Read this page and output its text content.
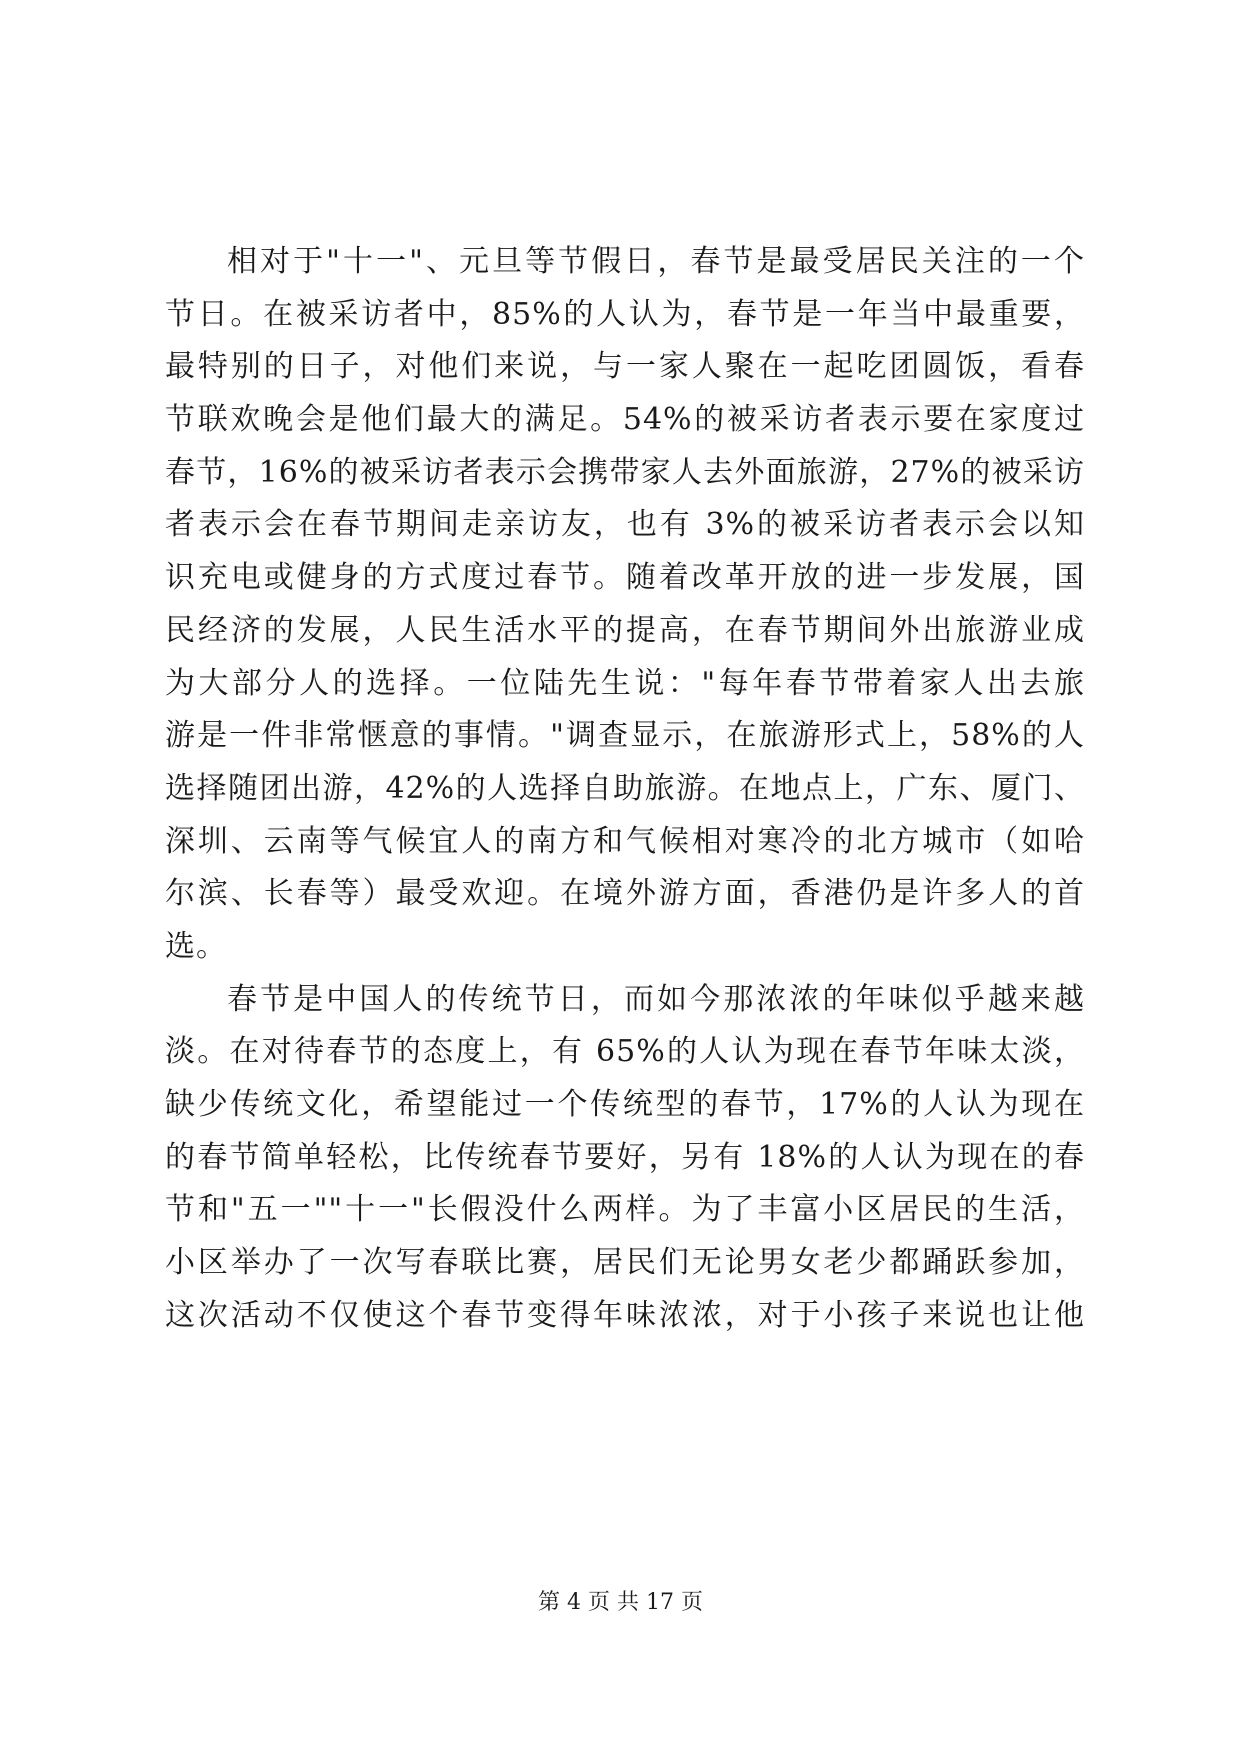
相对于"十一"、元旦等节假日，春节是最受居民关注的一个
节日。在被采访者中，85%的人认为，春节是一年当中最重要，
最特别的日子，对他们来说，与一家人聚在一起吃团圆饭，看春
节联欢晚会是他们最大的满足。54%的被采访者表示要在家度过
春节，16%的被采访者表示会携带家人去外面旅游，27%的被采访
者表示会在春节期间走亲访友，也有 3%的被采访者表示会以知
识充电或健身的方式度过春节。随着改革开放的进一步发展，国
民经济的发展，人民生活水平的提高，在春节期间外出旅游业成
为大部分人的选择。一位陆先生说："每年春节带着家人出去旅
游是一件非常惬意的事情。"调查显示，在旅游形式上，58%的人
选择随团出游，42%的人选择自助旅游。在地点上，广东、厦门、
深圳、云南等气候宜人的南方和气候相对寒冷的北方城市（如哈
尔滨、长春等）最受欢迎。在境外游方面，香港仍是许多人的首
选。
春节是中国人的传统节日，而如今那浓浓的年味似乎越来越
淡。在对待春节的态度上，有 65%的人认为现在春节年味太淡，
缺少传统文化，希望能过一个传统型的春节，17%的人认为现在
的春节简单轻松，比传统春节要好，另有 18%的人认为现在的春
节和"五一""十一"长假没什么两样。为了丰富小区居民的生活，
小区举办了一次写春联比赛，居民们无论男女老少都踊跃参加，
这次活动不仅使这个春节变得年味浓浓，对于小孩子来说也让他
第 4 页 共 17 页
